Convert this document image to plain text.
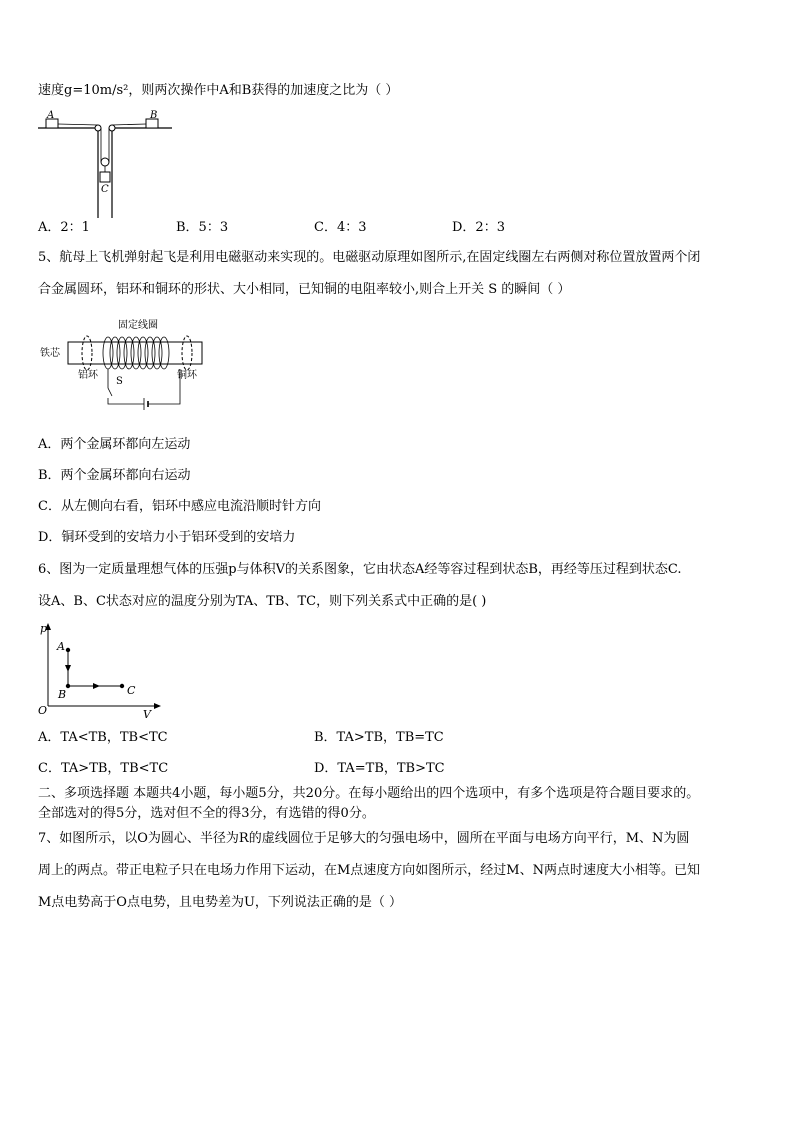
速度g=10m/s²，则两次操作中A和B获得的加速度之比为（ ）
A	B
C
A．2：1	B．5：3	C．4：3	D．2：3
5、航母上飞机弹射起飞是利用电磁驱动来实现的。电磁驱动原理如图所示,在固定线圈左右两侧对称位置放置两个闭
合金属圆环，铝环和铜环的形状、大小相同，已知铜的电阻率较小,则合上开关 S 的瞬间（ ）
固定线圈
铁芯
铝环	铜环
S
A．两个金属环都向左运动
B．两个金属环都向右运动
C．从左侧向右看，铝环中感应电流沿顺时针方向
D．铜环受到的安培力小于铝环受到的安培力
6、图为一定质量理想气体的压强p与体积V的关系图象，它由状态A经等容过程到状态B，再经等压过程到状态C.
设A、B、C状态对应的温度分别为TA、TB、TC，则下列关系式中正确的是( )
p
V
O
A
B	C
A．TA<TB，TB<TC	B．TA>TB，TB=TC
C．TA>TB，TB<TC	D．TA=TB，TB>TC
二、多项选择题 本题共4小题，每小题5分，共20分。在每小题给出的四个选项中，有多个选项是符合题目要求的。
全部选对的得5分，选对但不全的得3分，有选错的得0分。
7、如图所示，以O为圆心、半径为R的虚线圆位于足够大的匀强电场中，圆所在平面与电场方向平行，M、N为圆
周上的两点。带正电粒子只在电场力作用下运动，在M点速度方向如图所示，经过M、N两点时速度大小相等。已知
M点电势高于O点电势，且电势差为U，下列说法正确的是（ ）
